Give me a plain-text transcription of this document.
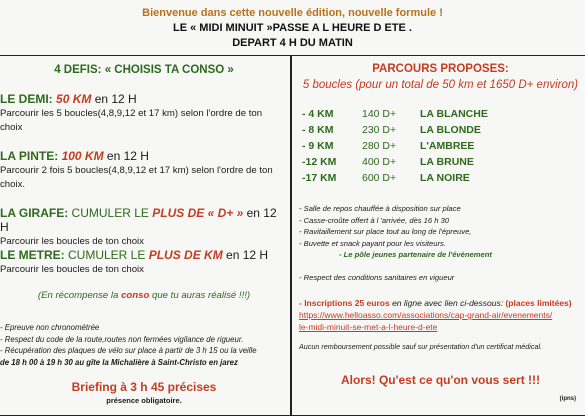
Bienvenue dans cette nouvelle édition, nouvelle formule !
LE « MIDI MINUIT »PASSE A L HEURE D ETE .
DEPART 4 H DU MATIN
4 DEFIS: « CHOISIS TA CONSO »
LE DEMI: 50 KM en 12 H
Parcourir les 5 boucles(4,8,9,12 et 17 km) selon l'ordre de ton choix
LA PINTE: 100 KM en 12 H
Parcourir 2 fois 5 boucles(4,8,9,12 et 17 km) selon l'ordre de ton choix.
LA GIRAFE: CUMULER LE PLUS DE « D+ » en 12 H
Parcourir les boucles de ton choix
LE METRE: CUMULER LE PLUS DE KM en 12 H
Parcourir les boucles de ton choix
(En récompense la conso que tu auras réalisé !!!)
- Epreuve non chronométrée
- Respect du code de la route,routes non fermées vigilance de rigueur.
- Récupération des plaques de vélo sur place à partir de 3 h 15 ou la veille
de 18 h 00 à 19 h 30 au gîte la Michalière à Saint-Christo en jarez
Briefing à 3 h 45 précises
présence obligatoire.
PARCOURS PROPOSES:
5 boucles (pour un total de 50 km et 1650 D+ environ)
- 4 KM	140 D+ LA BLANCHE
- 8 KM	230 D+ LA BLONDE
- 9 KM	280 D+ L'AMBREE
-12 KM 400 D+ LA BRUNE
-17 KM 600 D+ LA NOIRE
- Salle de repos chauffée à disposition sur place
- Casse-croûte offert à l 'arrivée, dès 16 h 30
- Ravitaillement sur place tout au long de l'épreuve,
- Buvette et snack payant pour les visiteurs.
- Le pôle jeunes partenaire de l'évènement
- Respect des conditions sanitaires en vigueur
- Inscriptions 25 euros en ligne avec lien ci-dessous: (places limitées)
https://www.helloasso.com/associations/cap-grand-air/evenements/
le-midi-minuit-se-met-a-l-heure-d-ete
Aucun remboursement possible sauf sur présentation d'un certificat médical.
Alors! Qu'est ce qu'on vous sert !!!
(ipns)
